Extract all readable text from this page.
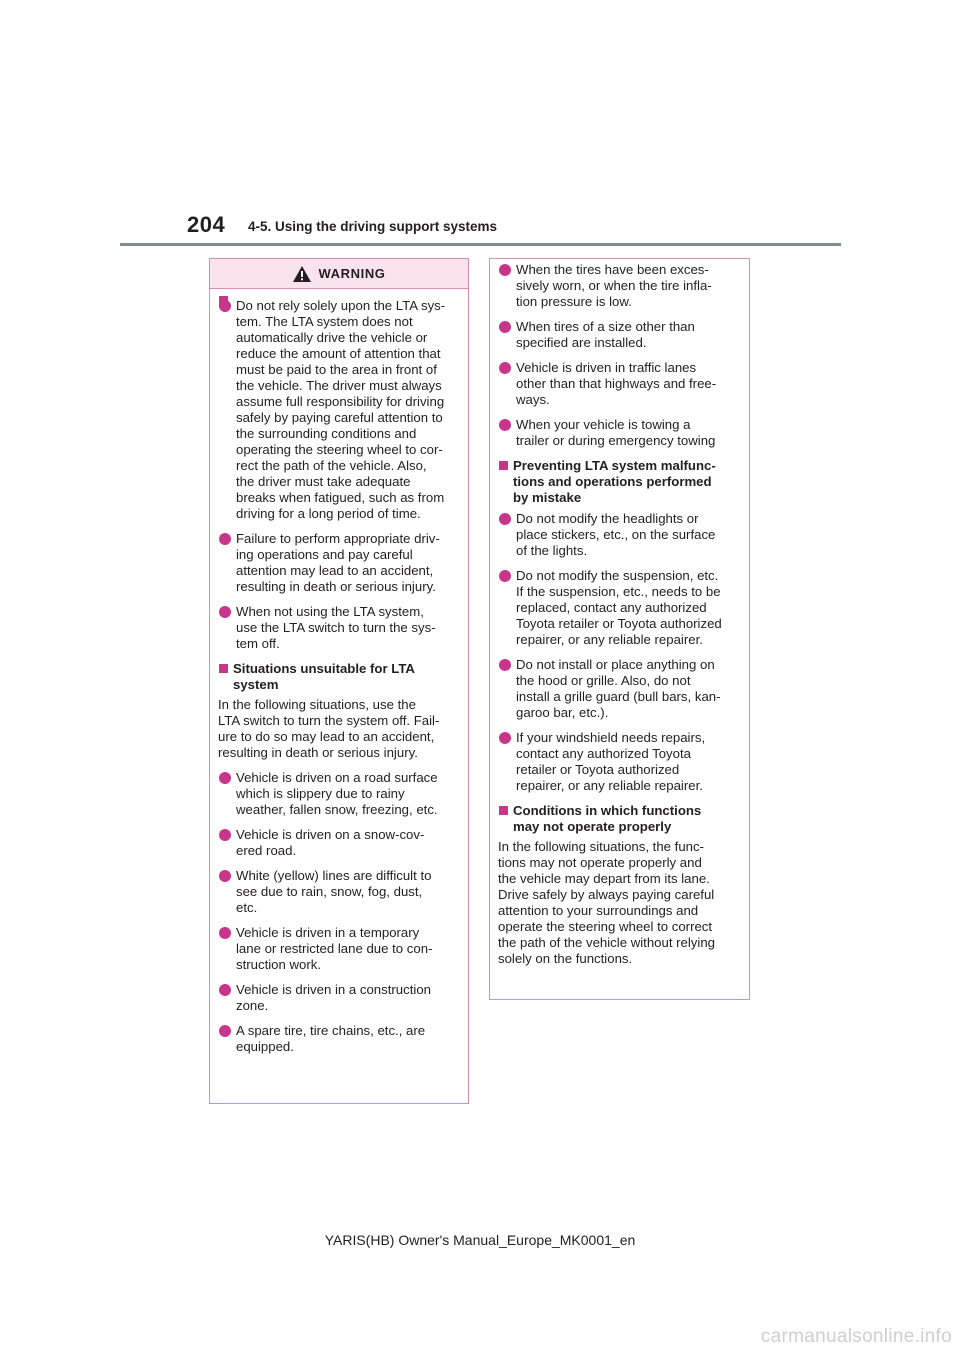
204 4-5. Using the driving support systems
WARNING
Do not rely solely upon the LTA sys-
tem. The LTA system does not
automatically drive the vehicle or
reduce the amount of attention that
must be paid to the area in front of
the vehicle. The driver must always
assume full responsibility for driving
safely by paying careful attention to
the surrounding conditions and
operating the steering wheel to cor-
rect the path of the vehicle. Also,
the driver must take adequate
breaks when fatigued, such as from
driving for a long period of time.
Failure to perform appropriate driv-
ing operations and pay careful
attention may lead to an accident,
resulting in death or serious injury.
When not using the LTA system,
use the LTA switch to turn the sys-
tem off.
Situations unsuitable for LTA
system
In the following situations, use the
LTA switch to turn the system off. Fail-
ure to do so may lead to an accident,
resulting in death or serious injury.
Vehicle is driven on a road surface
which is slippery due to rainy
weather, fallen snow, freezing, etc.
Vehicle is driven on a snow-cov-
ered road.
White (yellow) lines are difficult to
see due to rain, snow, fog, dust,
etc.
Vehicle is driven in a temporary
lane or restricted lane due to con-
struction work.
Vehicle is driven in a construction
zone.
A spare tire, tire chains, etc., are
equipped.
When the tires have been exces-
sively worn, or when the tire infla-
tion pressure is low.
When tires of a size other than
specified are installed.
Vehicle is driven in traffic lanes
other than that highways and free-
ways.
When your vehicle is towing a
trailer or during emergency towing
Preventing LTA system malfunc-
tions and operations performed
by mistake
Do not modify the headlights or
place stickers, etc., on the surface
of the lights.
Do not modify the suspension, etc.
If the suspension, etc., needs to be
replaced, contact any authorized
Toyota retailer or Toyota authorized
repairer, or any reliable repairer.
Do not install or place anything on
the hood or grille. Also, do not
install a grille guard (bull bars, kan-
garoo bar, etc.).
If your windshield needs repairs,
contact any authorized Toyota
retailer or Toyota authorized
repairer, or any reliable repairer.
Conditions in which functions
may not operate properly
In the following situations, the func-
tions may not operate properly and
the vehicle may depart from its lane.
Drive safely by always paying careful
attention to your surroundings and
operate the steering wheel to correct
the path of the vehicle without relying
solely on the functions.
YARIS(HB) Owner's Manual_Europe_MK0001_en
carmanualsonline.info
